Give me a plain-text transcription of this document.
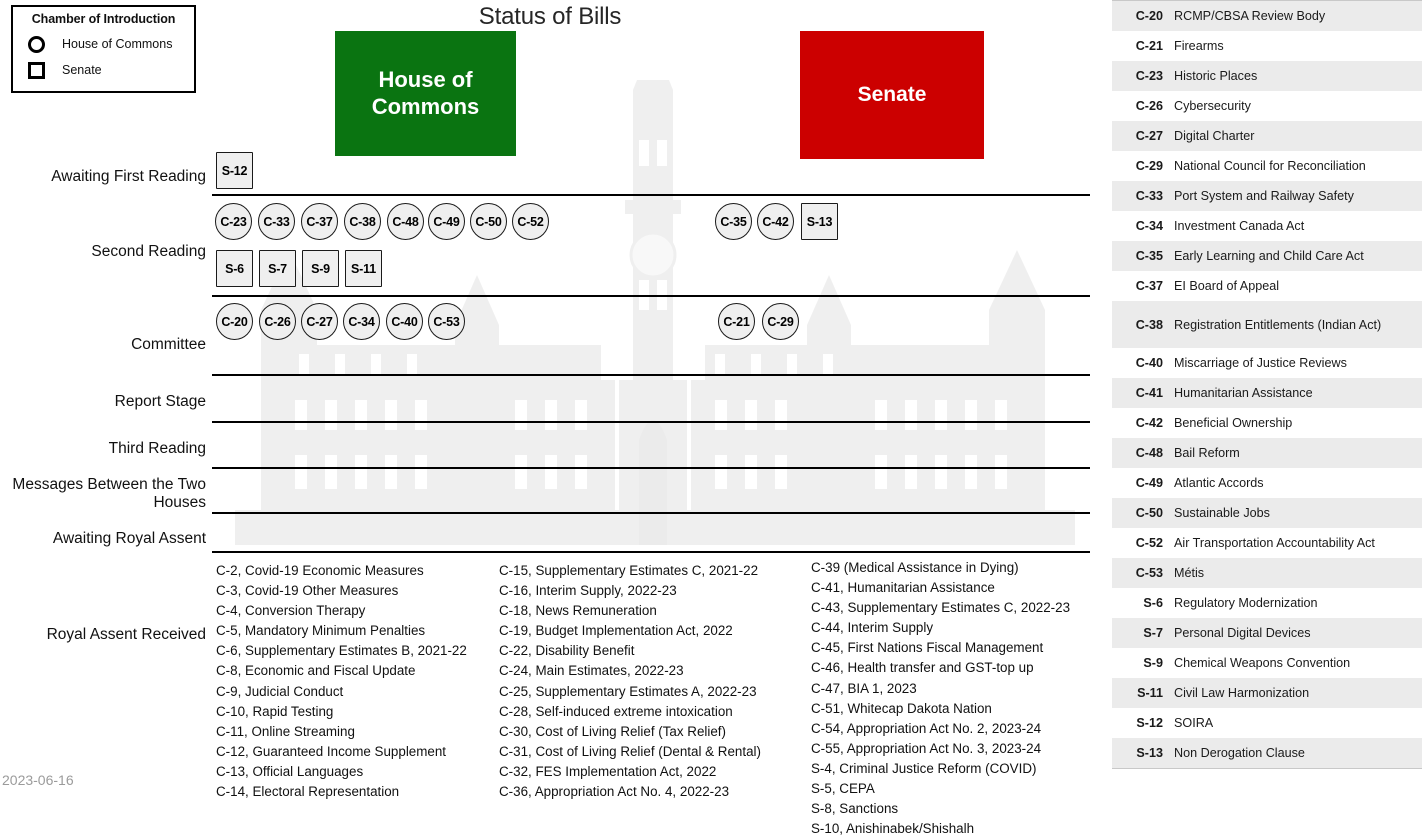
Status of Bills
Chamber of Introduction
House of Commons
Senate	House of
Commons	Senate
Awaiting First Reading
Second Reading
Committee
Report Stage
Third Reading
Messages Between the Two Houses
Awaiting Royal Assent
Royal Assent Received
S-12
C-23	C-33	C-37	C-38	C-48	C-49	C-50	C-52
S-6	S-7	S-9	S-11
C-35	C-42	S-13
C-20	C-26	C-27	C-34	C-40	C-53	C-21	C-29
C-2, Covid-19 Economic Measures
C-3, Covid-19 Other Measures
C-4, Conversion Therapy
C-5, Mandatory Minimum Penalties
C-6, Supplementary Estimates B, 2021-22
C-8, Economic and Fiscal Update
C-9, Judicial Conduct
C-10, Rapid Testing
C-11, Online Streaming
C-12, Guaranteed Income Supplement
C-13, Official Languages
C-14, Electoral Representation
C-15, Supplementary Estimates C, 2021-22
C-16, Interim Supply, 2022-23
C-18, News Remuneration
C-19, Budget Implementation Act, 2022
C-22, Disability Benefit
C-24, Main Estimates, 2022-23
C-25, Supplementary Estimates A, 2022-23
C-28, Self-induced extreme intoxication
C-30, Cost of Living Relief (Tax Relief)
C-31, Cost of Living Relief (Dental & Rental)
C-32, FES Implementation Act, 2022
C-36, Appropriation Act No. 4, 2022-23
C-39 (Medical Assistance in Dying)
C-41, Humanitarian Assistance
C-43, Supplementary Estimates C, 2022-23
C-44, Interim Supply
C-45, First Nations Fiscal Management
C-46, Health transfer and GST-top up
C-47, BIA 1, 2023
C-51, Whitecap Dakota Nation
C-54, Appropriation Act No. 2, 2023-24
C-55, Appropriation Act No. 3, 2023-24
S-4, Criminal Justice Reform (COVID)
S-5, CEPA
S-8, Sanctions
S-10, Anishinabek/Shishalh
2023-06-16
C-20 RCMP/CBSA Review Body
C-21 Firearms
C-23 Historic Places
C-26 Cybersecurity
C-27 Digital Charter
C-29 National Council for Reconciliation
C-33 Port System and Railway Safety
C-34 Investment Canada Act
C-35 Early Learning and Child Care Act
C-37 EI Board of Appeal
C-38 Registration Entitlements (Indian Act)
C-40 Miscarriage of Justice Reviews
C-41 Humanitarian Assistance
C-42 Beneficial Ownership
C-48 Bail Reform
C-49 Atlantic Accords
C-50 Sustainable Jobs
C-52 Air Transportation Accountability Act
C-53 Métis
S-6 Regulatory Modernization
S-7 Personal Digital Devices
S-9 Chemical Weapons Convention
S-11 Civil Law Harmonization
S-12 SOIRA
S-13 Non Derogation Clause
